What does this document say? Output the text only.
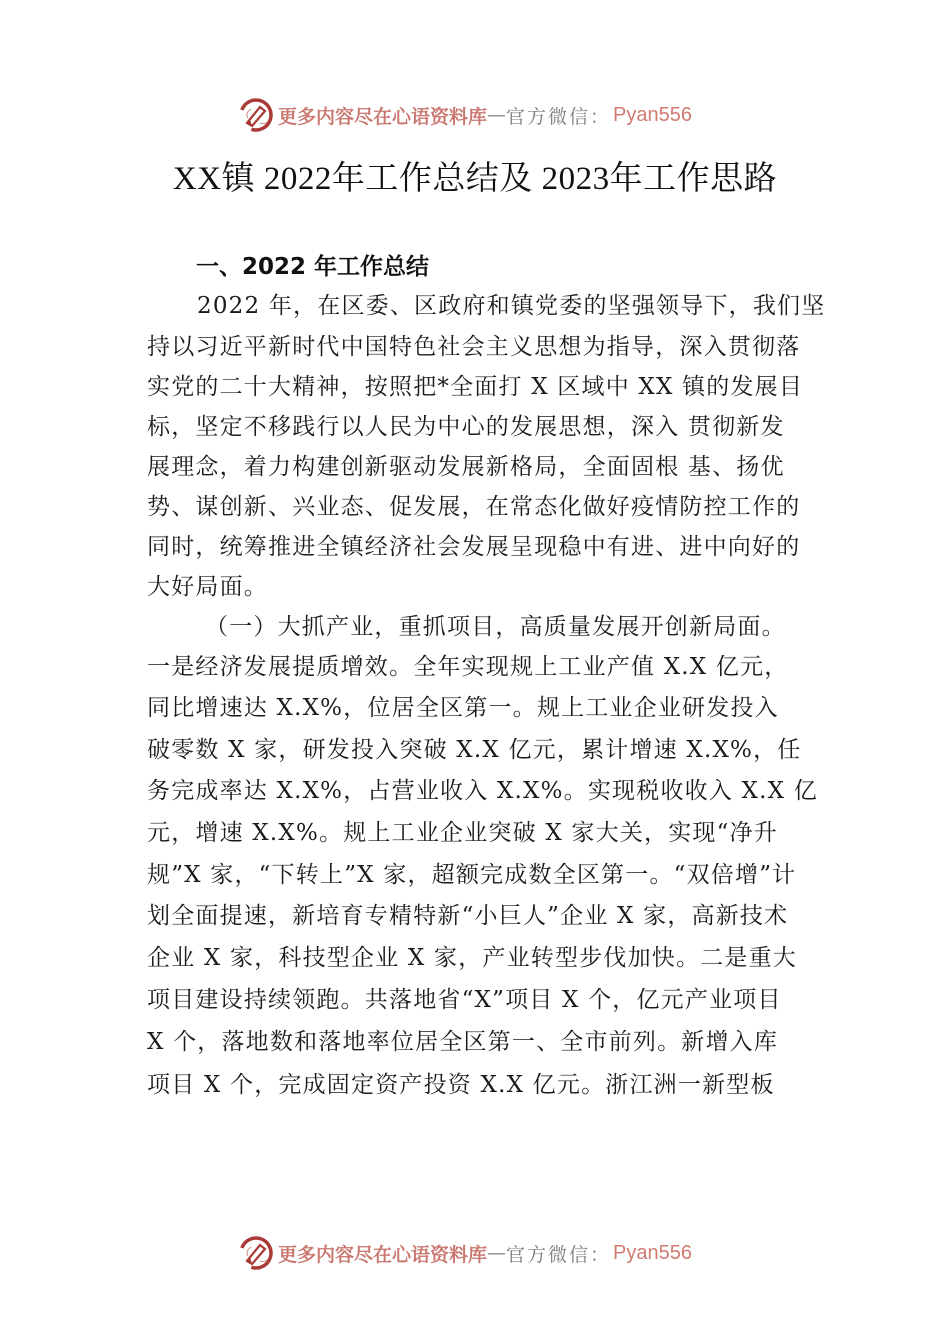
更多内容尽在心语资料库 — 官方微信： Pyan556
XX镇 2022年工作总结及 2023年工作思路
一、2022 年工作总结
2022 年，在区委、区政府和镇党委的坚强领导下，我们坚
持以习近平新时代中国特色社会主义思想为指导，深入贯彻落
实党的二十大精神，按照把*全面打 X 区域中 XX 镇的发展目
标，坚定不移践行以人民为中心的发展思想，深入 贯彻新发
展理念，着力构建创新驱动发展新格局，全面固根 基、扬优
势、谋创新、兴业态、促发展，在常态化做好疫情防控工作的
同时，统筹推进全镇经济社会发展呈现稳中有进、进中向好的
大好局面。
（一）大抓产业，重抓项目，高质量发展开创新局面。
一是经济发展提质增效。全年实现规上工业产值 X.X 亿元，
同比增速达 X.X%，位居全区第一。规上工业企业研发投入
破零数 X 家，研发投入突破 X.X 亿元，累计增速 X.X%，任
务完成率达 X.X%，占营业收入 X.X%。实现税收收入 X.X 亿
元，增速 X.X%。规上工业企业突破 X 家大关，实现“净升
规”X 家，“下转上”X 家，超额完成数全区第一。“双倍增”计
划全面提速，新培育专精特新“小巨人”企业 X 家，高新技术
企业 X 家，科技型企业 X 家，产业转型步伐加快。二是重大
项目建设持续领跑。共落地省“X”项目 X 个，亿元产业项目
X 个，落地数和落地率位居全区第一、全市前列。新增入库
项目 X 个，完成固定资产投资 X.X 亿元。浙江洲一新型板
更多内容尽在心语资料库 — 官方微信： Pyan556
